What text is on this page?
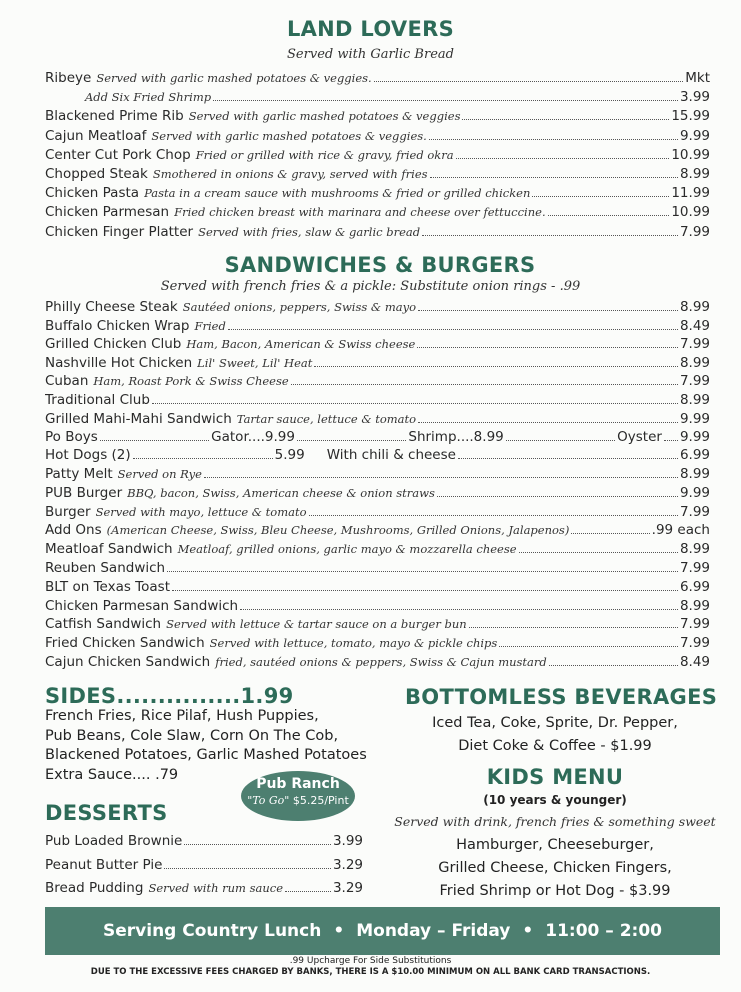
LAND LOVERS
Served with Garlic Bread
Ribeye Served with garlic mashed potatoes & veggies.	Mkt
Add Six Fried Shrimp	3.99
Blackened Prime Rib Served with garlic mashed potatoes & veggies	15.99
Cajun Meatloaf Served with garlic mashed potatoes & veggies.	9.99
Center Cut Pork Chop Fried or grilled with rice & gravy, fried okra	10.99
Chopped Steak Smothered in onions & gravy, served with fries	8.99
Chicken Pasta Pasta in a cream sauce with mushrooms & fried or grilled chicken	11.99
Chicken Parmesan Fried chicken breast with marinara and cheese over fettuccine.	10.99
Chicken Finger Platter Served with fries, slaw & garlic bread	7.99
SANDWICHES & BURGERS
Served with french fries & a pickle: Substitute onion rings - .99
Philly Cheese Steak Sautéed onions, peppers, Swiss & mayo	8.99
Buffalo Chicken Wrap Fried	8.49
Grilled Chicken Club Ham, Bacon, American & Swiss cheese	7.99
Nashville Hot Chicken Lil' Sweet, Lil' Heat	8.99
Cuban Ham, Roast Pork & Swiss Cheese	7.99
Traditional Club	8.99
Grilled Mahi-Mahi Sandwich Tartar sauce, lettuce & tomato	9.99
Po Boys	Gator....9.99	Shrimp....8.99	Oyster 9.99
Hot Dogs (2)	5.99 With chili & cheese	6.99
Patty Melt Served on Rye	8.99
PUB Burger BBQ, bacon, Swiss, American cheese & onion straws	9.99
Burger Served with mayo, lettuce & tomato	7.99
Add Ons (American Cheese, Swiss, Bleu Cheese, Mushrooms, Grilled Onions, Jalapenos)	.99 each
Meatloaf Sandwich Meatloaf, grilled onions, garlic mayo & mozzarella cheese	8.99
Reuben Sandwich	7.99
BLT on Texas Toast	6.99
Chicken Parmesan Sandwich	8.99
Catfish Sandwich Served with lettuce & tartar sauce on a burger bun	7.99
Fried Chicken Sandwich Served with lettuce, tomato, mayo & pickle chips	7.99
Cajun Chicken Sandwich fried, sautéed onions & peppers, Swiss & Cajun mustard	8.49
SIDES...............1.99
French Fries, Rice Pilaf, Hush Puppies,
Pub Beans, Cole Slaw, Corn On The Cob,
Blackened Potatoes, Garlic Mashed Potatoes
Extra Sauce.... .79
Pub Ranch
"To Go" $5.25/Pint
DESSERTS
Pub Loaded Brownie	3.99
Peanut Butter Pie	3.29
Bread Pudding Served with rum sauce	3.29
BOTTOMLESS BEVERAGES
Iced Tea, Coke, Sprite, Dr. Pepper,
Diet Coke & Coffee - $1.99
KIDS MENU
(10 years & younger)
Served with drink, french fries & something sweet
Hamburger, Cheeseburger,
Grilled Cheese, Chicken Fingers,
Fried Shrimp or Hot Dog - $3.99
Serving Country Lunch • Monday – Friday • 11:00 – 2:00
.99 Upcharge For Side Substitutions
DUE TO THE EXCESSIVE FEES CHARGED BY BANKS, THERE IS A $10.00 MINIMUM ON ALL BANK CARD TRANSACTIONS.
